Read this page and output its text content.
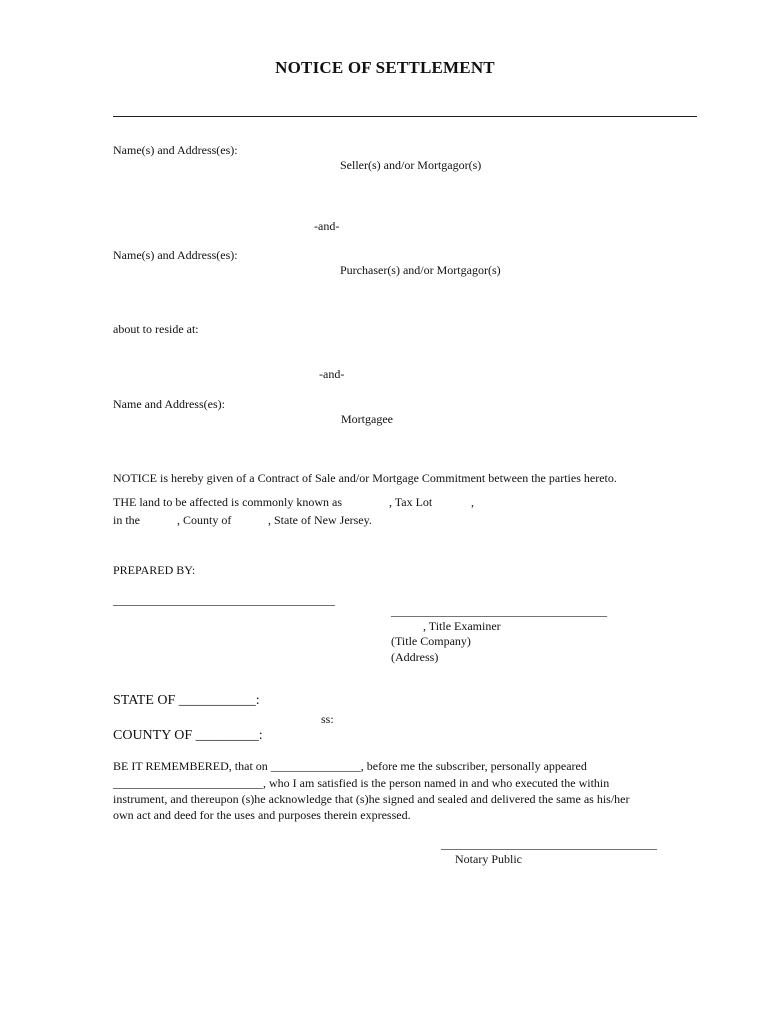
NOTICE OF SETTLEMENT
Name(s) and Address(es):
Seller(s) and/or Mortgagor(s)
-and-
Name(s) and Address(es):
Purchaser(s) and/or Mortgagor(s)
about to reside at:
-and-
Name and Address(es):
Mortgagee
NOTICE is hereby given of a Contract of Sale and/or Mortgage Commitment between the parties hereto.
THE land to be affected is commonly known as	, Tax Lot	,
in the	, County of	, State of New Jersey.
PREPARED BY:
_____________________________________
____________________________________
, Title Examiner
(Title Company)
(Address)
STATE OF ___________:
ss:
COUNTY OF _________:
BE IT REMEMBERED, that on _______________, before me the subscriber, personally appeared
_________________________, who I am satisfied is the person named in and who executed the within
instrument, and thereupon (s)he acknowledge that (s)he signed and sealed and delivered the same as his/her
own act and deed for the uses and purposes therein expressed.
____________________________________
Notary Public
